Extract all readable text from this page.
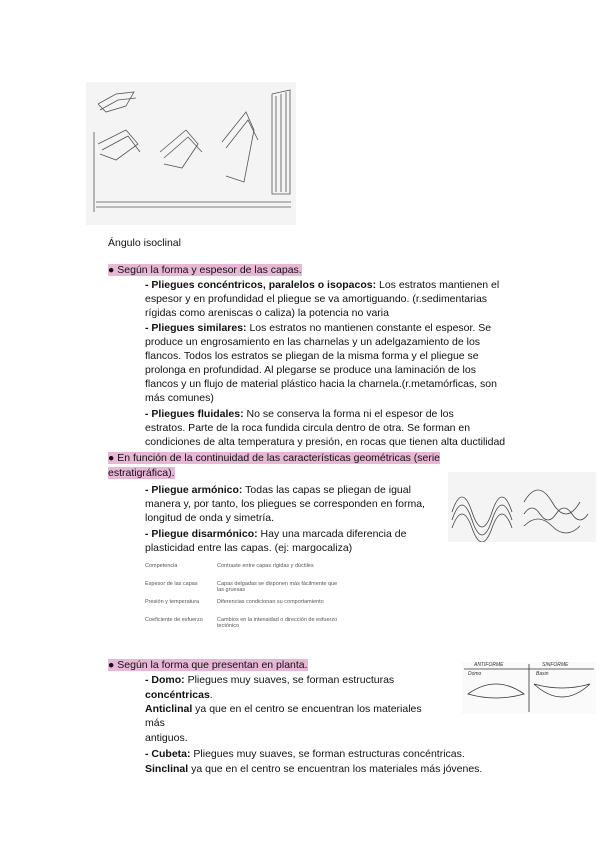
Ángulo isoclinal
● Según la forma y espesor de las capas.
- Pliegues concéntricos, paralelos o isopacos: Los estratos mantienen el
espesor y en profundidad el pliegue se va amortiguando. (r.sedimentarias
rígidas como areniscas o caliza) la potencia no varia
- Pliegues similares: Los estratos no mantienen constante el espesor. Se
produce un engrosamiento en las charnelas y un adelgazamiento de los
flancos. Todos los estratos se pliegan de la misma forma y el pliegue se
prolonga en profundidad. Al plegarse se produce una laminación de los
flancos y un flujo de material plástico hacia la charnela.(r.metamórficas, son
más comunes)
- Pliegues fluidales: No se conserva la forma ni el espesor de los
estratos. Parte de la roca fundida circula dentro de otra. Se forman en
condiciones de alta temperatura y presión, en rocas que tienen alta ductilidad
● En función de la continuidad de las características geométricas (serie
estratigráfica).
- Pliegue armónico: Todas las capas se pliegan de igual
manera y, por tanto, los pliegues se corresponden en forma,
longitud de onda y simetría.
- Pliegue disarmónico: Hay una marcada diferencia de
plasticidad entre las capas. (ej: margocaliza)
Competencia	Contraste entre capas rígidas y dúctiles
Espesor de las capas	Capas delgadas se disponen más fácilmente que las gruesas
Presión y temperatura	Diferencias condicionan su comportamiento
Coeficiente de esfuerzo	Cambios en la intensidad o dirección de esfuerzo tectónico
● Según la forma que presentan en planta.
- Domo: Pliegues muy suaves, se forman estructuras
concéntricas.
Anticlinal ya que en el centro se encuentran los materiales
más
antiguos.
- Cubeta: Pliegues muy suaves, se forman estructuras concéntricas.
Sinclinal ya que en el centro se encuentran los materiales más jóvenes.
ANTIFORME	SINFORME
Domo	Basin
